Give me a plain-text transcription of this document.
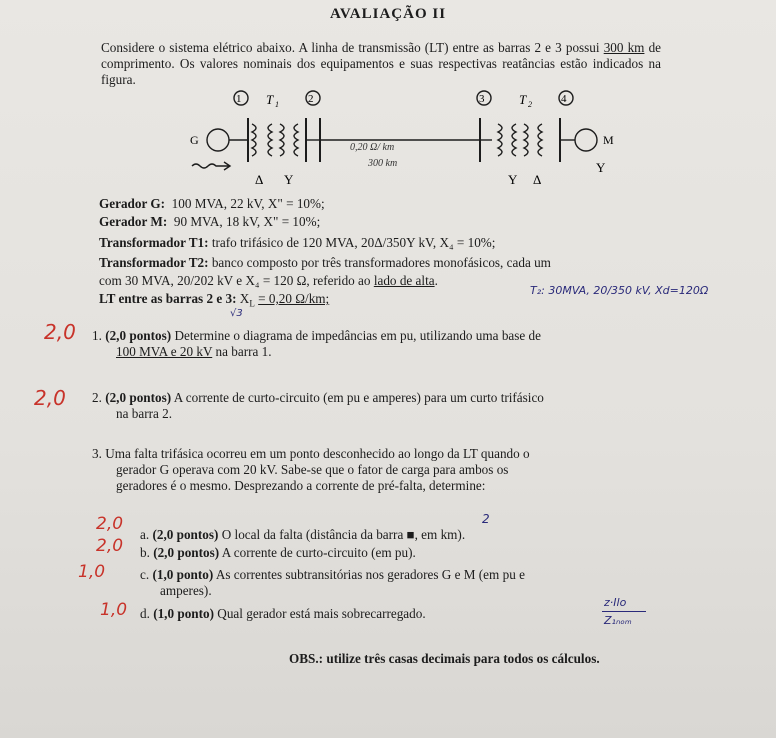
AVALIAÇÃO II
Considere o sistema elétrico abaixo. A linha de transmissão (LT) entre as barras 2 e 3 possui 300 km de comprimento. Os valores nominais dos equipamentos e suas respectivas reatâncias estão indicados na figura.
1	2	3	4
T 1	T 2
G	M
0,20 Ω/ km
300 km
Δ Y	Y Δ
Y
Gerador G: 100 MVA, 22 kV, X" = 10%;
Gerador M: 90 MVA, 18 kV, X" = 10%;
Transformador T1: trafo trifásico de 120 MVA, 20Δ/350Y kV, X₄ = 10%;
Transformador T2: banco composto por três transformadores monofásicos, cada um
com 30 MVA, 20/202 kV e X₄ = 120 Ω, referido ao lado de alta.
LT entre as barras 2 e 3: $X_L = 0,20$ Ω/km;
T₂: 30MVA, 20/350 kV, Xd=120Ω
√3
2,0 1. (2,0 pontos) Determine o diagrama de impedâncias em pu, utilizando uma base de
100 MVA e 20 kV na barra 1.
2,0 2. (2,0 pontos) A corrente de curto-circuito (em pu e amperes) para um curto trifásico
na barra 2.
3. Uma falta trifásica ocorreu em um ponto desconhecido ao longo da LT quando o
gerador G operava com 20 kV. Sabe-se que o fator de carga para ambos os
geradores é o mesmo. Desprezando a corrente de pré-falta, determine:
2
2,0
a. (2,0 pontos) O local da falta (distância da barra ■, em km).
2,0 b. (2,0 pontos) A corrente de curto-circuito (em pu).
1,0	c. (1,0 ponto) As correntes subtransitórias nos geradores G e M (em pu e
amperes).
1,0 d. (1,0 ponto) Qual gerador está mais sobrecarregado.
z·Ilo
Z₁ₙₒₘ
OBS.: utilize três casas decimais para todos os cálculos.
